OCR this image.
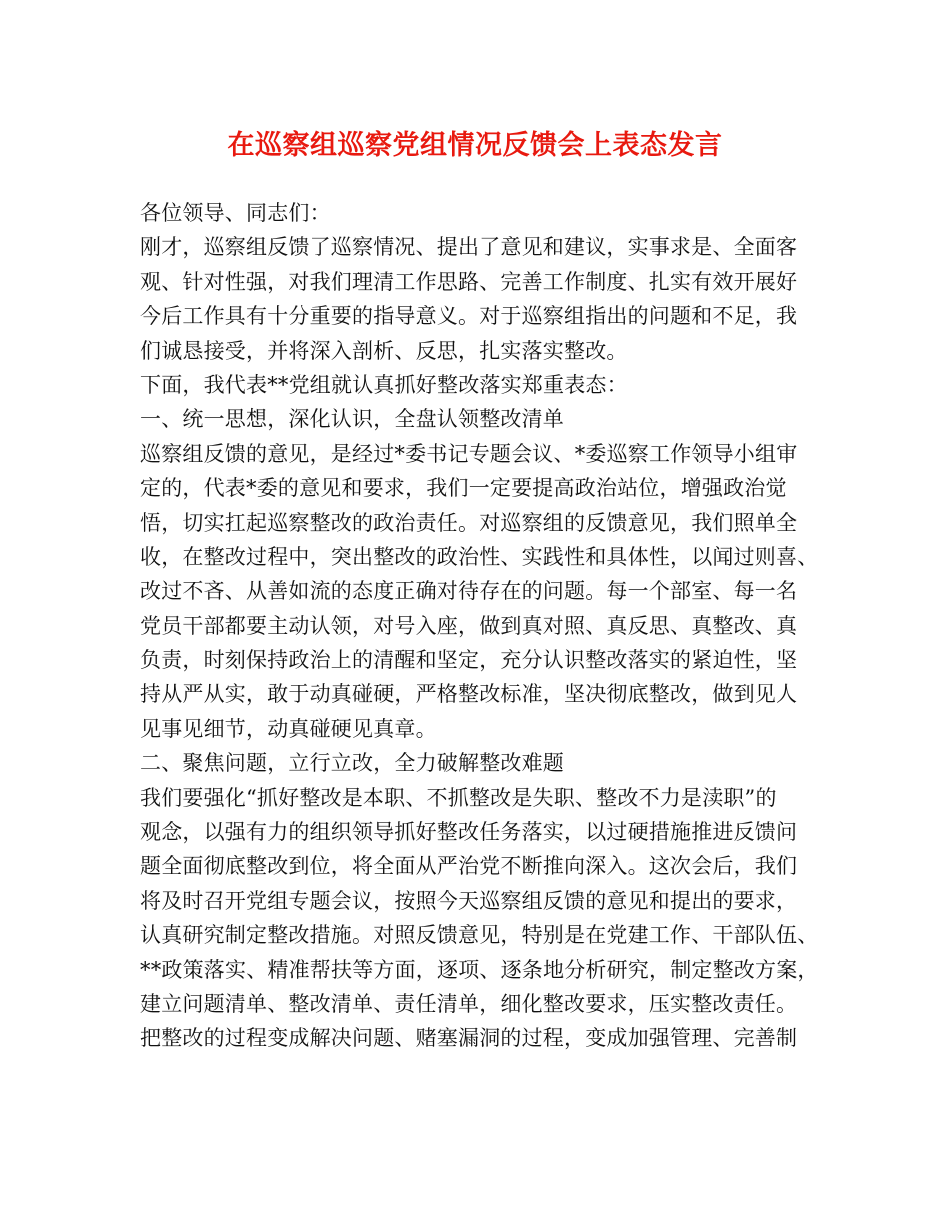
在巡察组巡察党组情况反馈会上表态发言
各位领导、同志们：
刚才，巡察组反馈了巡察情况、提出了意见和建议，实事求是、全面客
观、针对性强，对我们理清工作思路、完善工作制度、扎实有效开展好
今后工作具有十分重要的指导意义。对于巡察组指出的问题和不足，我
们诚恳接受，并将深入剖析、反思，扎实落实整改。
下面，我代表**党组就认真抓好整改落实郑重表态：
一、统一思想，深化认识，全盘认领整改清单
巡察组反馈的意见，是经过*委书记专题会议、*委巡察工作领导小组审
定的，代表*委的意见和要求，我们一定要提高政治站位，增强政治觉
悟，切实扛起巡察整改的政治责任。对巡察组的反馈意见，我们照单全
收，在整改过程中，突出整改的政治性、实践性和具体性，以闻过则喜、
改过不吝、从善如流的态度正确对待存在的问题。每一个部室、每一名
党员干部都要主动认领，对号入座，做到真对照、真反思、真整改、真
负责，时刻保持政治上的清醒和坚定，充分认识整改落实的紧迫性，坚
持从严从实，敢于动真碰硬，严格整改标准，坚决彻底整改，做到见人
见事见细节，动真碰硬见真章。
二、聚焦问题，立行立改，全力破解整改难题
我们要强化“抓好整改是本职、不抓整改是失职、整改不力是渎职”的
观念，以强有力的组织领导抓好整改任务落实，以过硬措施推进反馈问
题全面彻底整改到位，将全面从严治党不断推向深入。这次会后，我们
将及时召开党组专题会议，按照今天巡察组反馈的意见和提出的要求，
认真研究制定整改措施。对照反馈意见，特别是在党建工作、干部队伍、
**政策落实、精准帮扶等方面，逐项、逐条地分析研究，制定整改方案，
建立问题清单、整改清单、责任清单，细化整改要求，压实整改责任。
把整改的过程变成解决问题、赌塞漏洞的过程，变成加强管理、完善制
